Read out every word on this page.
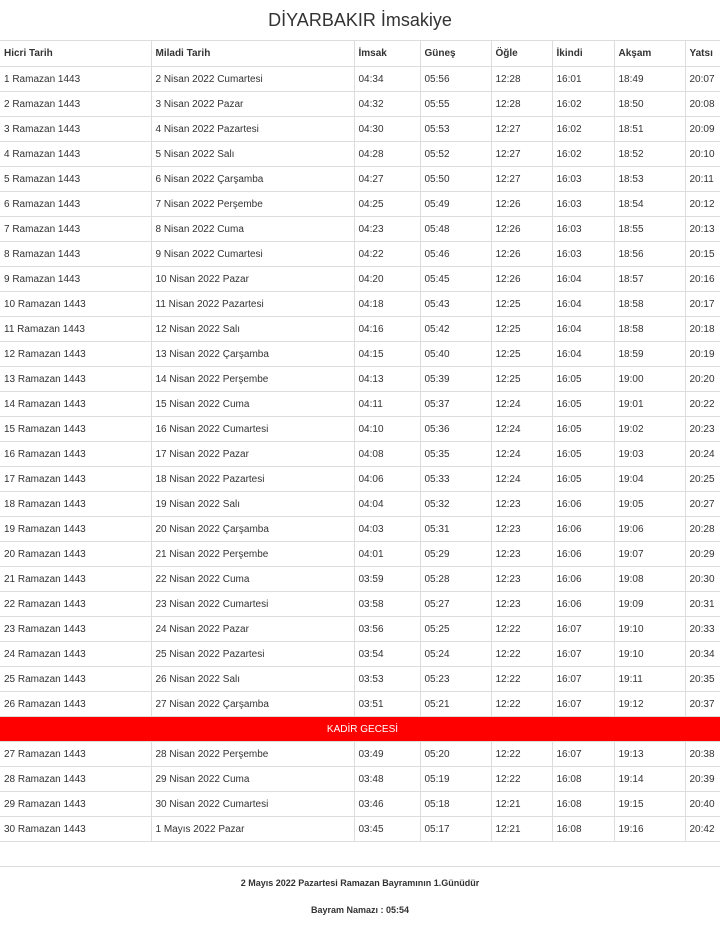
DİYARBAKIR İmsakiye
Hicri Tarih	Miladi Tarih	İmsak	Güneş	Öğle	İkindi	Akşam	Yatsı
1 Ramazan 1443	2 Nisan 2022 Cumartesi	04:34	05:56	12:28	16:01	18:49	20:07
2 Ramazan 1443	3 Nisan 2022 Pazar	04:32	05:55	12:28	16:02	18:50	20:08
3 Ramazan 1443	4 Nisan 2022 Pazartesi	04:30	05:53	12:27	16:02	18:51	20:09
4 Ramazan 1443	5 Nisan 2022 Salı	04:28	05:52	12:27	16:02	18:52	20:10
5 Ramazan 1443	6 Nisan 2022 Çarşamba	04:27	05:50	12:27	16:03	18:53	20:11
6 Ramazan 1443	7 Nisan 2022 Perşembe	04:25	05:49	12:26	16:03	18:54	20:12
7 Ramazan 1443	8 Nisan 2022 Cuma	04:23	05:48	12:26	16:03	18:55	20:13
8 Ramazan 1443	9 Nisan 2022 Cumartesi	04:22	05:46	12:26	16:03	18:56	20:15
9 Ramazan 1443	10 Nisan 2022 Pazar	04:20	05:45	12:26	16:04	18:57	20:16
10 Ramazan 1443	11 Nisan 2022 Pazartesi	04:18	05:43	12:25	16:04	18:58	20:17
11 Ramazan 1443	12 Nisan 2022 Salı	04:16	05:42	12:25	16:04	18:58	20:18
12 Ramazan 1443	13 Nisan 2022 Çarşamba	04:15	05:40	12:25	16:04	18:59	20:19
13 Ramazan 1443	14 Nisan 2022 Perşembe	04:13	05:39	12:25	16:05	19:00	20:20
14 Ramazan 1443	15 Nisan 2022 Cuma	04:11	05:37	12:24	16:05	19:01	20:22
15 Ramazan 1443	16 Nisan 2022 Cumartesi	04:10	05:36	12:24	16:05	19:02	20:23
16 Ramazan 1443	17 Nisan 2022 Pazar	04:08	05:35	12:24	16:05	19:03	20:24
17 Ramazan 1443	18 Nisan 2022 Pazartesi	04:06	05:33	12:24	16:05	19:04	20:25
18 Ramazan 1443	19 Nisan 2022 Salı	04:04	05:32	12:23	16:06	19:05	20:27
19 Ramazan 1443	20 Nisan 2022 Çarşamba	04:03	05:31	12:23	16:06	19:06	20:28
20 Ramazan 1443	21 Nisan 2022 Perşembe	04:01	05:29	12:23	16:06	19:07	20:29
21 Ramazan 1443	22 Nisan 2022 Cuma	03:59	05:28	12:23	16:06	19:08	20:30
22 Ramazan 1443	23 Nisan 2022 Cumartesi	03:58	05:27	12:23	16:06	19:09	20:31
23 Ramazan 1443	24 Nisan 2022 Pazar	03:56	05:25	12:22	16:07	19:10	20:33
24 Ramazan 1443	25 Nisan 2022 Pazartesi	03:54	05:24	12:22	16:07	19:10	20:34
25 Ramazan 1443	26 Nisan 2022 Salı	03:53	05:23	12:22	16:07	19:11	20:35
26 Ramazan 1443	27 Nisan 2022 Çarşamba	03:51	05:21	12:22	16:07	19:12	20:37
KADİR GECESİ							
27 Ramazan 1443	28 Nisan 2022 Perşembe	03:49	05:20	12:22	16:07	19:13	20:38
28 Ramazan 1443	29 Nisan 2022 Cuma	03:48	05:19	12:22	16:08	19:14	20:39
29 Ramazan 1443	30 Nisan 2022 Cumartesi	03:46	05:18	12:21	16:08	19:15	20:40
30 Ramazan 1443	1 Mayıs 2022 Pazar	03:45	05:17	12:21	16:08	19:16	20:42
2 Mayıs 2022 Pazartesi Ramazan Bayramının 1.Günüdür
Bayram Namazı : 05:54
